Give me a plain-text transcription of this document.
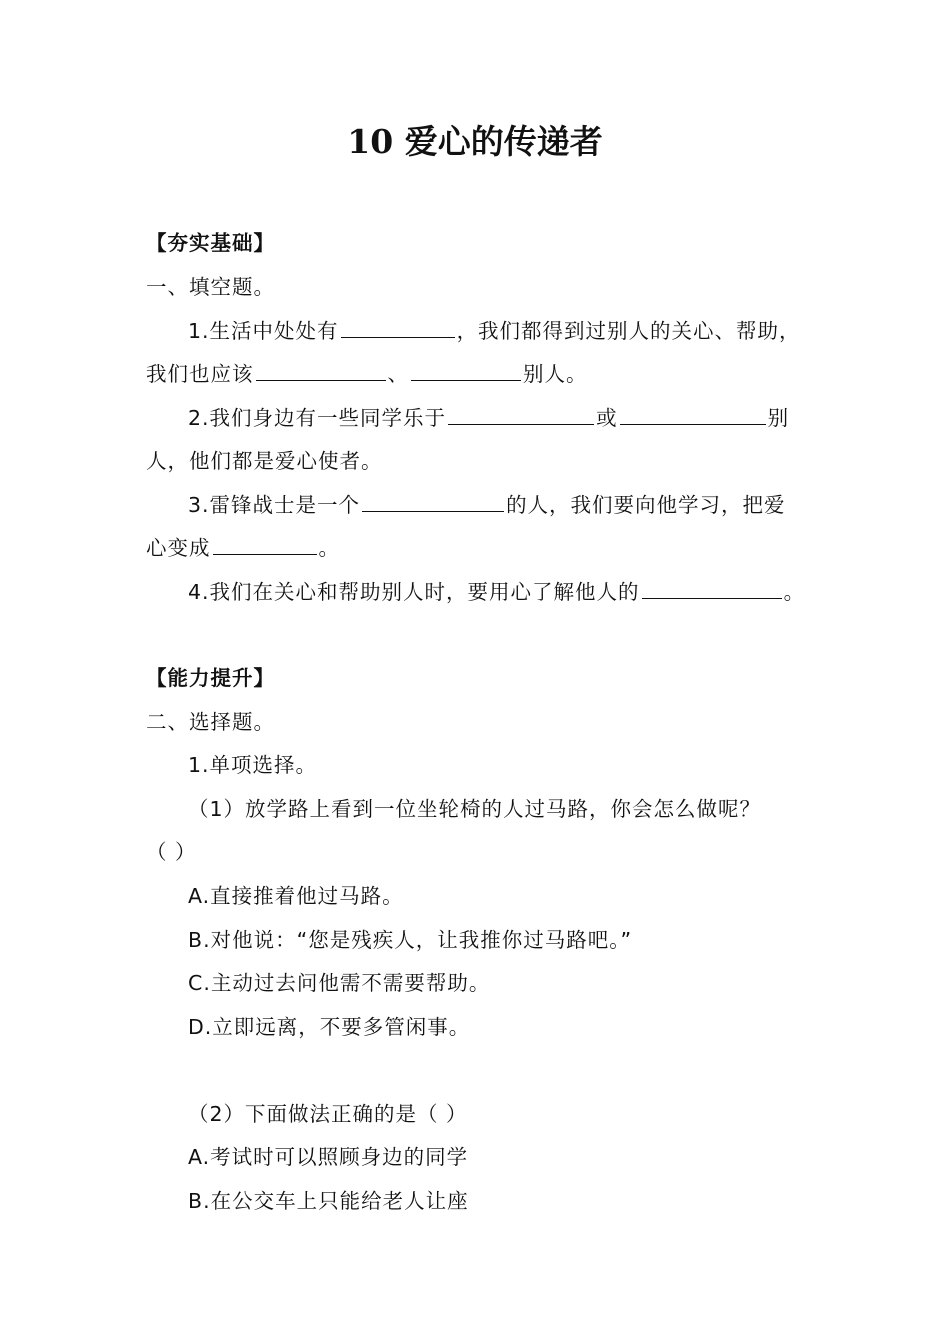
10 爱心的传递者
【夯实基础】
一、填空题。
1.生活中处处有	，我们都得到过别人的关心、帮助，
我们也应该	、	别人。
2.我们身边有一些同学乐于	或	别
人，他们都是爱心使者。
3.雷锋战士是一个	的人，我们要向他学习，把爱
心变成	。
4.我们在关心和帮助别人时，要用心了解他人的	。
【能力提升】
二、选择题。
1.单项选择。
（1）放学路上看到一位坐轮椅的人过马路，你会怎么做呢？
（ ）
A.直接推着他过马路。
B.对他说：“您是残疾人，让我推你过马路吧。”
C.主动过去问他需不需要帮助。
D.立即远离，不要多管闲事。
（2）下面做法正确的是（ ）
A.考试时可以照顾身边的同学
B.在公交车上只能给老人让座
